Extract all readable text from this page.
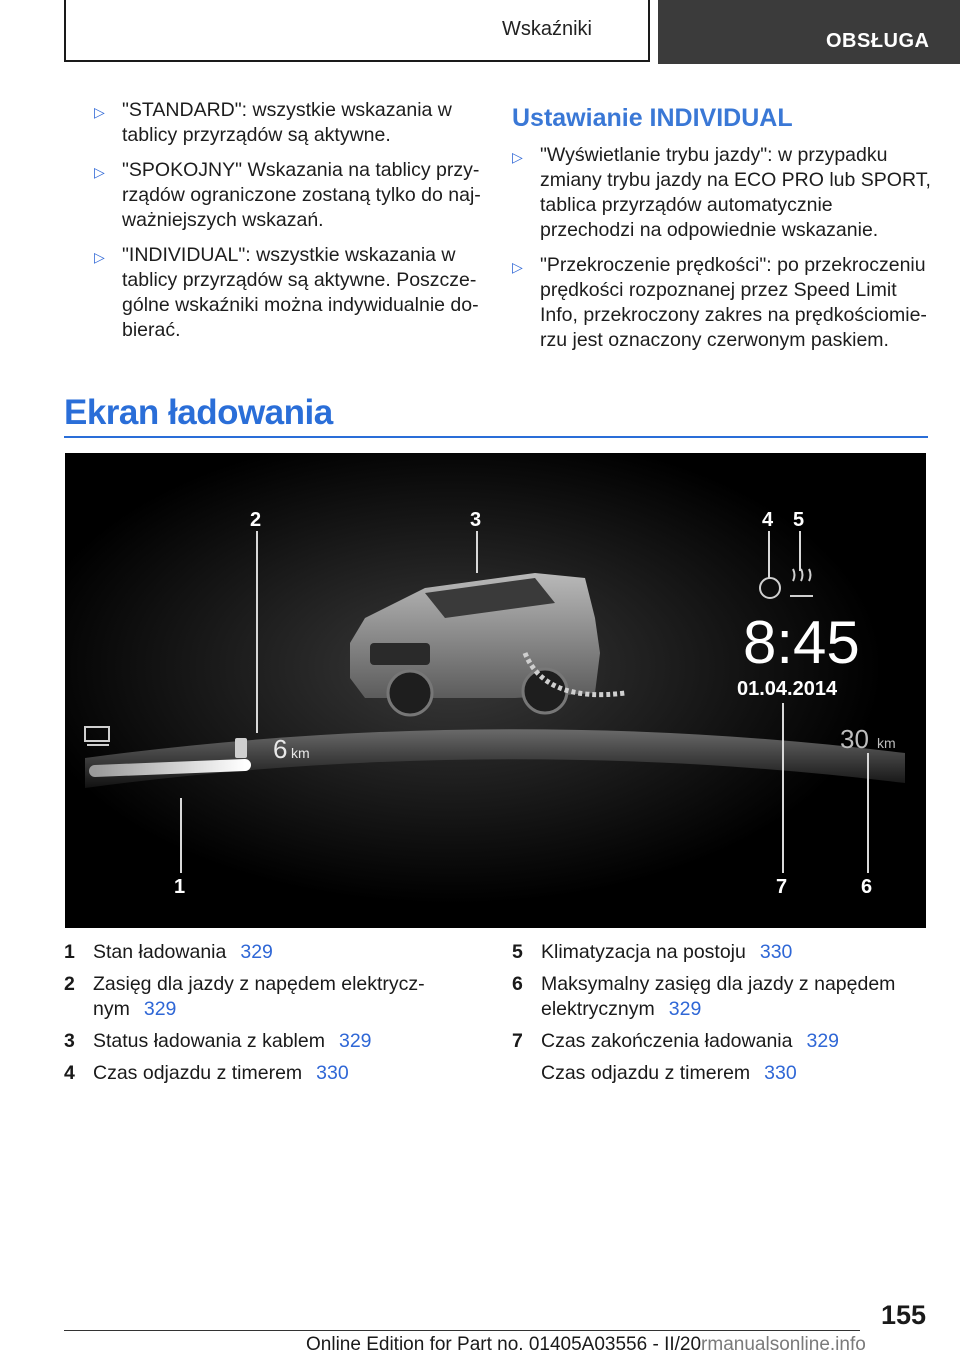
Wskaźniki
OBSŁUGA
▷ "STANDARD": wszystkie wskazania w tablicy przyrządów są aktywne.
▷ "SPOKOJNY" Wskazania na tablicy przy-rządów ograniczone zostaną tylko do naj-ważniejszych wskazań.
▷ "INDIVIDUAL": wszystkie wskazania w tablicy przyrządów są aktywne. Poszcze-gólne wskaźniki można indywidualnie do-bierać.
Ustawianie INDIVIDUAL
▷ "Wyświetlanie trybu jazdy": w przypadku zmiany trybu jazdy na ECO PRO lub SPORT, tablica przyrządów automatycznie przechodzi na odpowiednie wskazanie.
▷ "Przekroczenie prędkości": po przekroczeniu prędkości rozpoznanej przez Speed Limit Info, przekroczony zakres na prędkościomie-rzu jest oznaczony czerwonym paskiem.
Ekran ładowania
6 km	30 km
8:45
01.04.2014
1
2	3	4 5
6
7
1 Stan ładowania 329
2 Zasięg dla jazdy z napędem elektrycz-nym 329
3 Status ładowania z kablem 329
4 Czas odjazdu z timerem 330
5 Klimatyzacja na postoju 330
6 Maksymalny zasięg dla jazdy z napędem elektrycznym 329
7 Czas zakończenia ładowania 329
Czas odjazdu z timerem 330
155
Online Edition for Part no. 01405A03556 - II/20rmanualsonline.info
